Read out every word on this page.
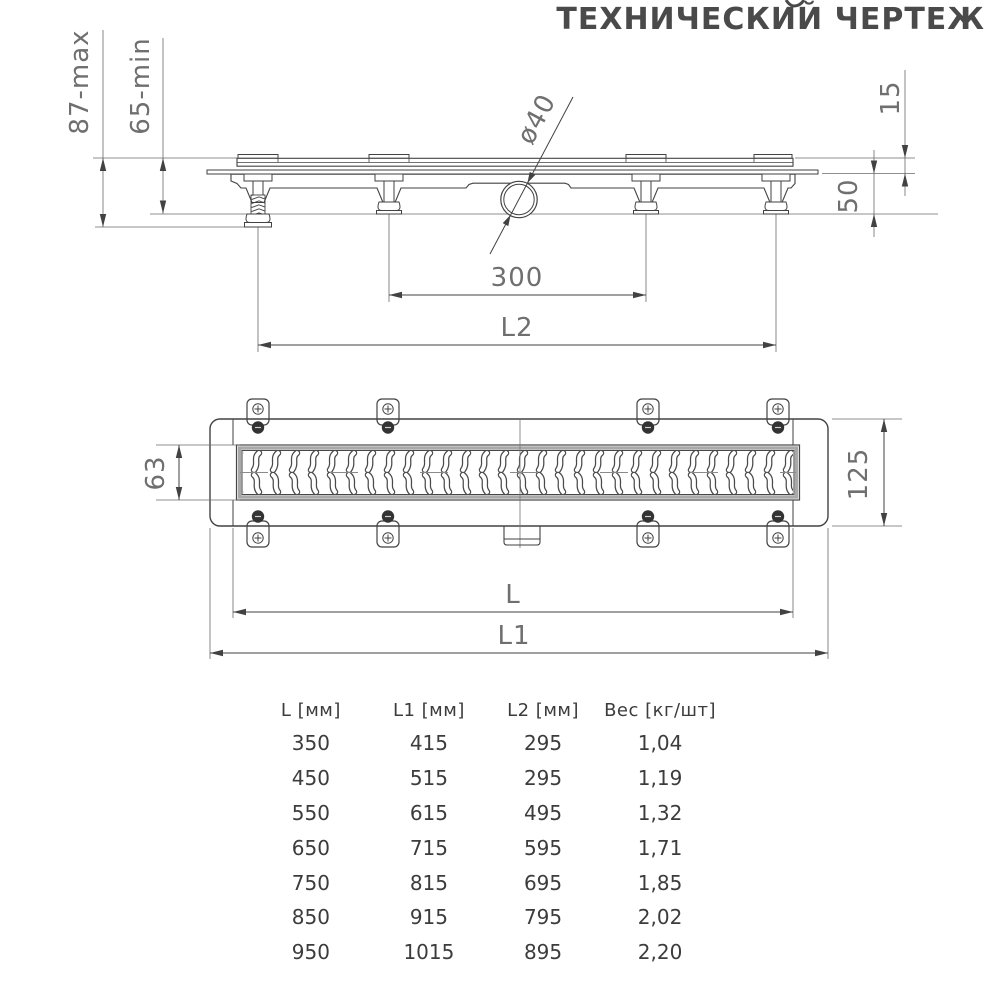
ТЕХНИЧЕСКИЙ ЧЕРТЕЖ
87-max 65-min	15
50
ø40
300
L2
63	125
L
L1
L [мм]	L1 [мм]	L2 [мм]	Вес [кг/шт]
350	415	295	1,04
450	515	295	1,19
550	615	495	1,32
650	715	595	1,71
750	815	695	1,85
850	915	795	2,02
950	1015	895	2,20
